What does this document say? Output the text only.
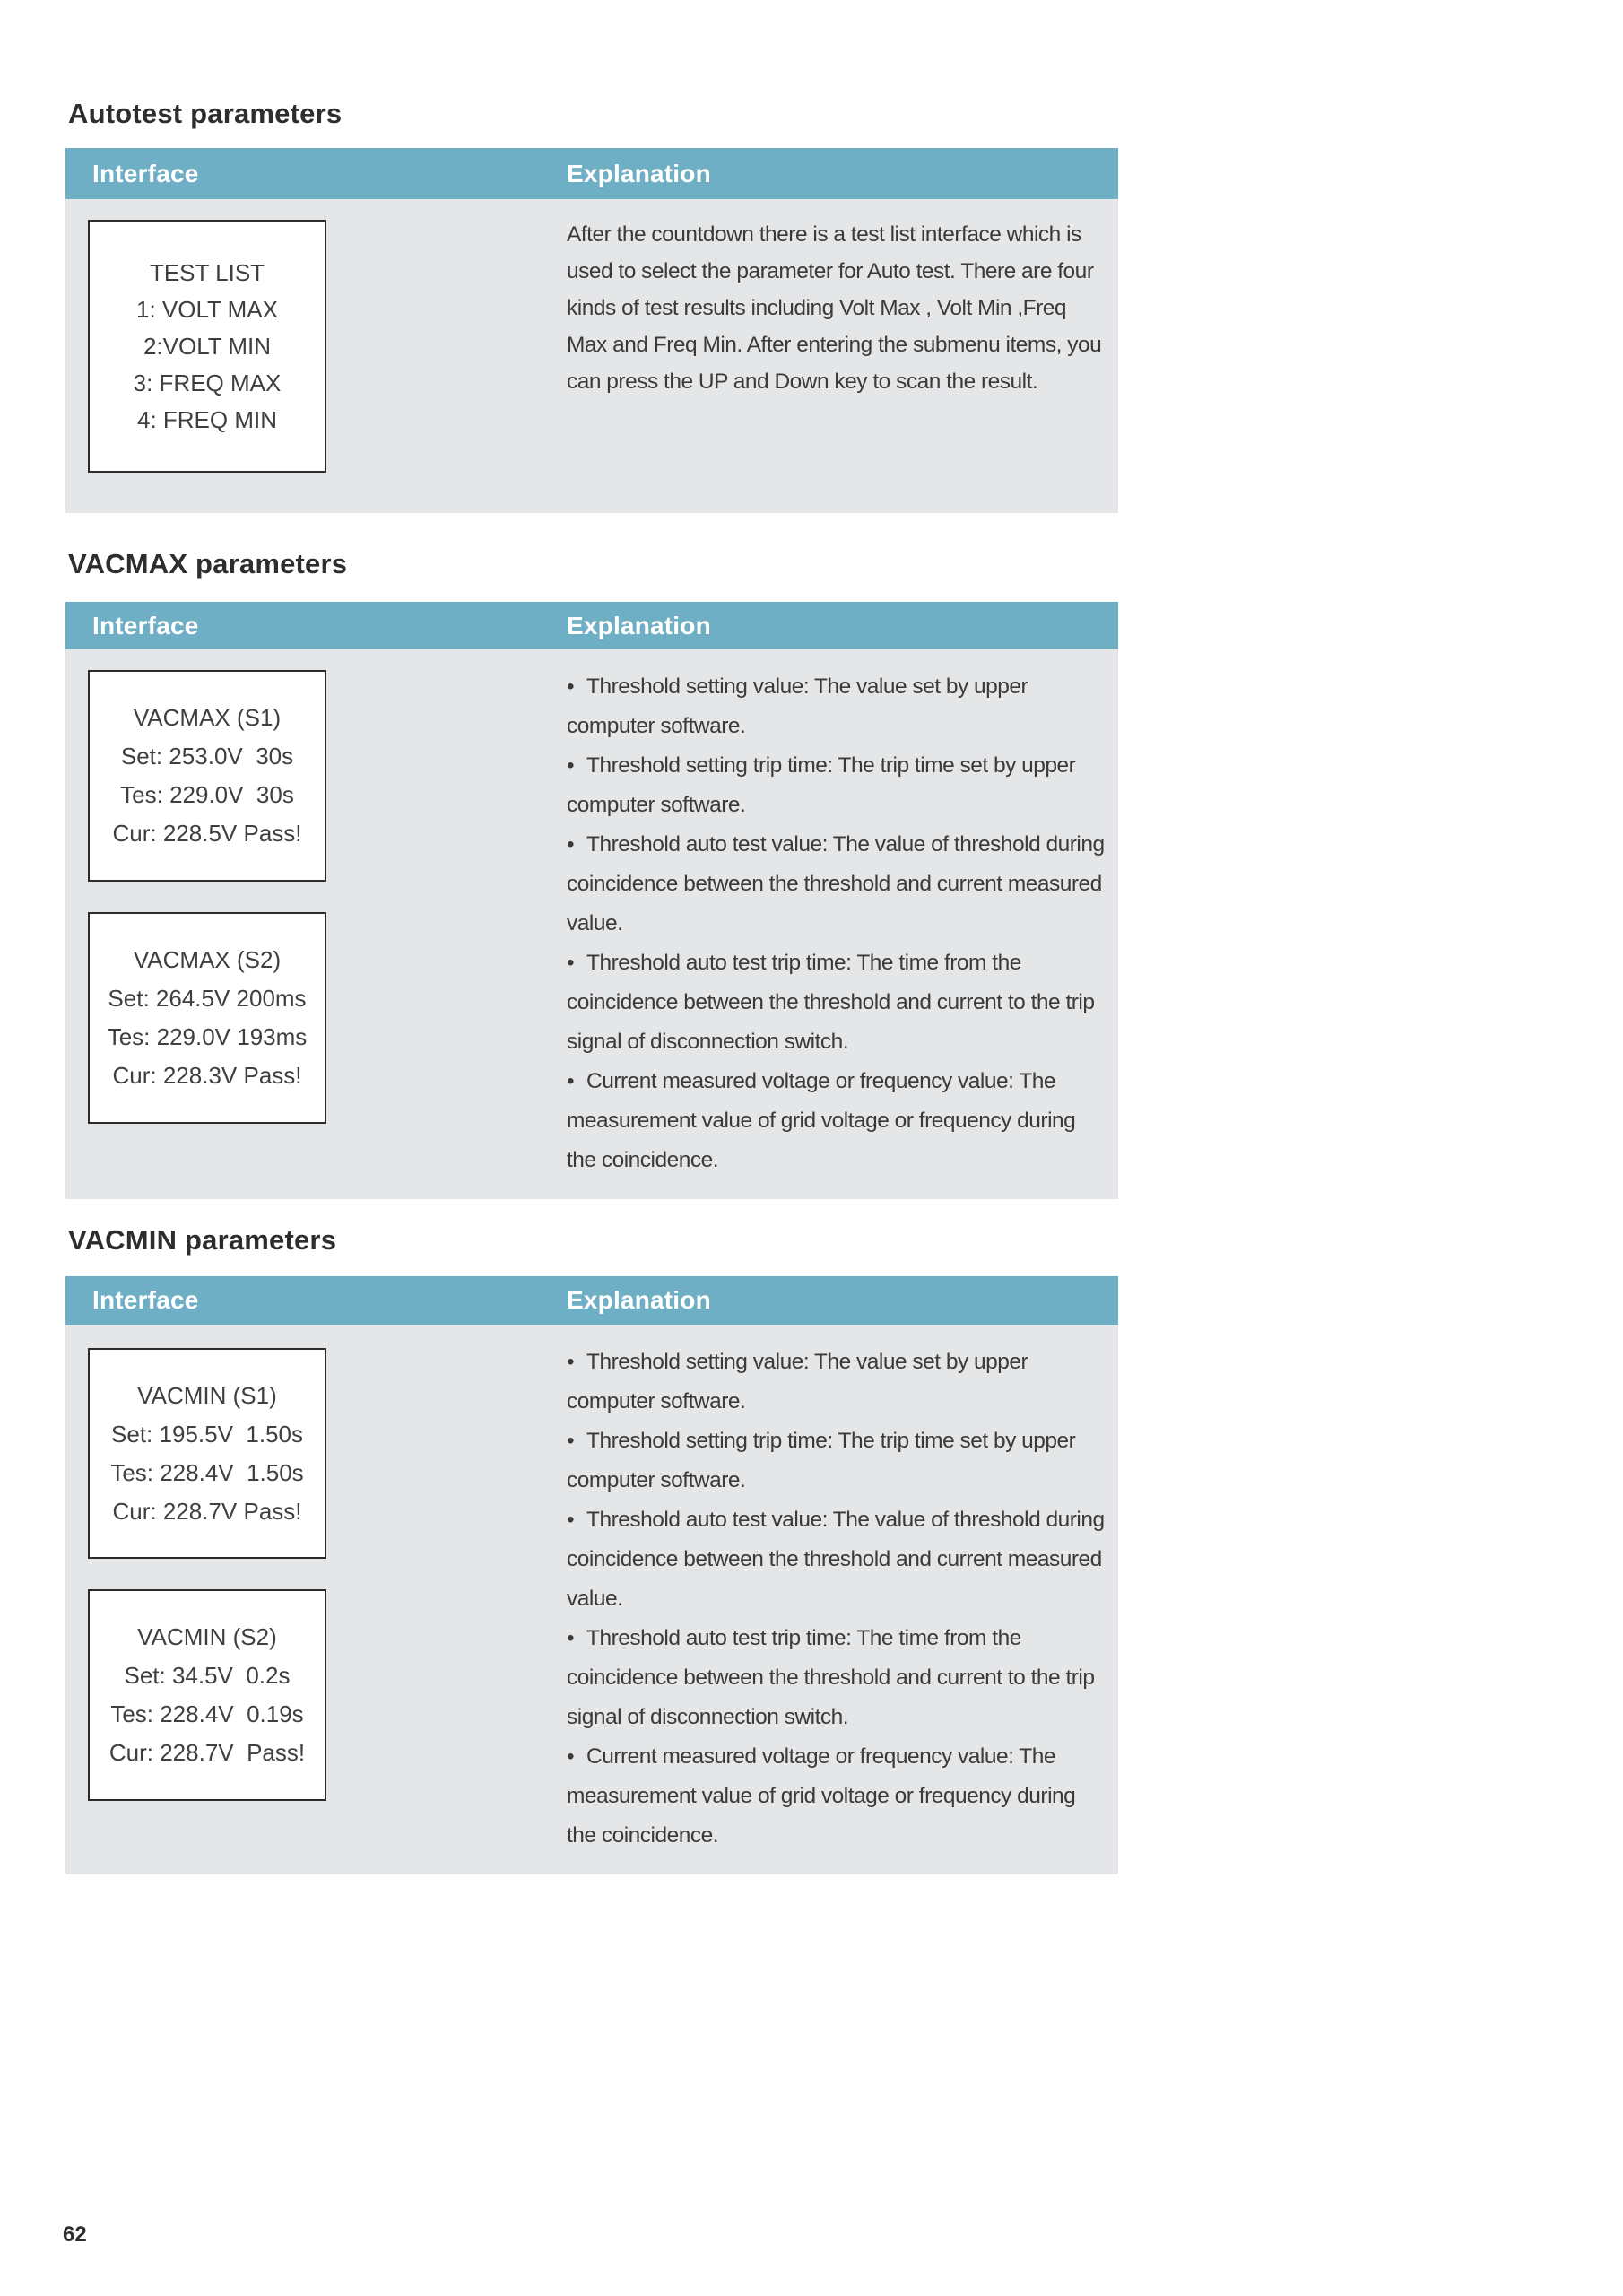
Autotest parameters
Interface	Explanation
TEST LIST
1: VOLT MAX
2:VOLT MIN
3: FREQ MAX
4: FREQ MIN
After the countdown there is a test list interface which is used to select the parameter for Auto test. There are four kinds of test results including Volt Max , Volt Min ,Freq Max and Freq Min. After entering the submenu items, you can press the UP and Down key to scan the result.
VACMAX parameters
Interface	Explanation
VACMAX (S1)
Set: 253.0V  30s
Tes: 229.0V  30s
Cur: 228.5V Pass!
VACMAX (S2)
Set: 264.5V 200ms
Tes: 229.0V 193ms
Cur: 228.3V Pass!
• Threshold setting value: The value set by upper computer software.
• Threshold setting trip time: The trip time set by upper computer software.
• Threshold auto test value: The value of threshold during coincidence between the threshold and current measured value.
• Threshold auto test trip time: The time from the coincidence between the threshold and current to the trip signal of disconnection switch.
• Current measured voltage or frequency value: The measurement value of grid voltage or frequency during the coincidence.
VACMIN parameters
Interface	Explanation
VACMIN (S1)
Set: 195.5V  1.50s
Tes: 228.4V  1.50s
Cur: 228.7V Pass!
VACMIN (S2)
Set: 34.5V  0.2s
Tes: 228.4V  0.19s
Cur: 228.7V  Pass!
• Threshold setting value: The value set by upper computer software.
• Threshold setting trip time: The trip time set by upper computer software.
• Threshold auto test value: The value of threshold during coincidence between the threshold and current measured value.
• Threshold auto test trip time: The time from the coincidence between the threshold and current to the trip signal of disconnection switch.
• Current measured voltage or frequency value: The measurement value of grid voltage or frequency during the coincidence.
62
